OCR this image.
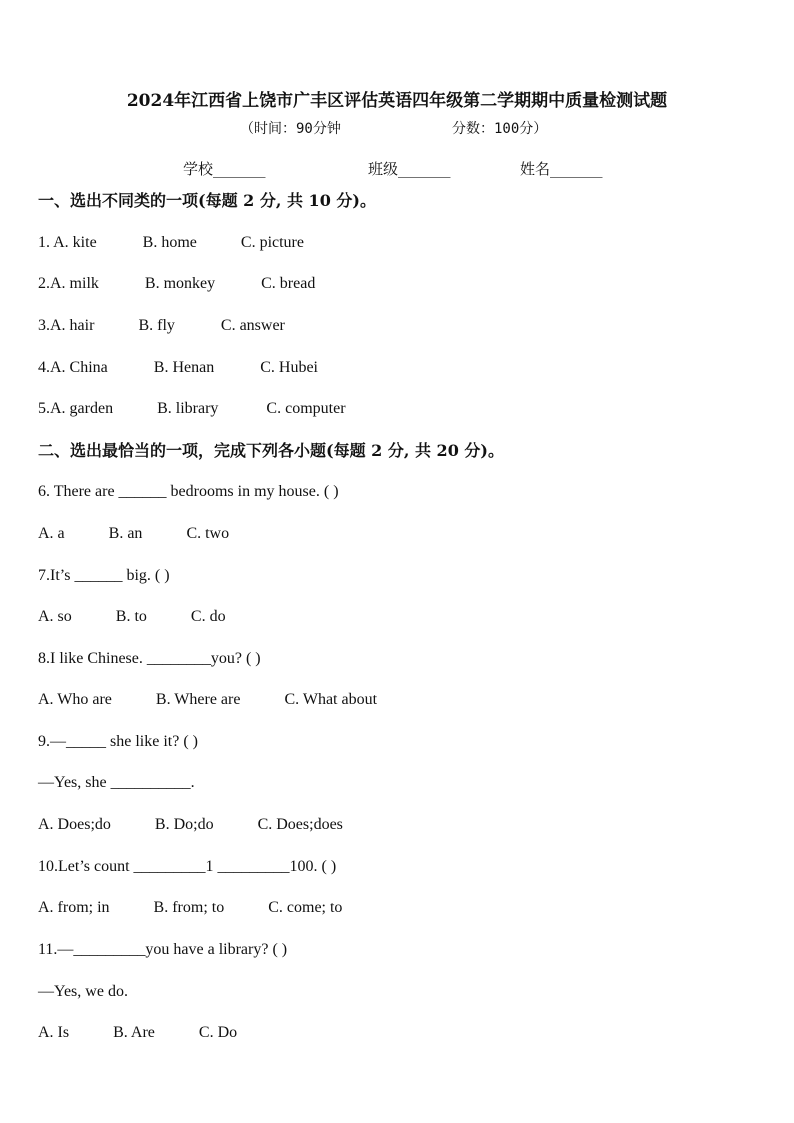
2024年江西省上饶市广丰区评估英语四年级第二学期期中质量检测试题
（时间：90分钟	分数：100分）
学校_______	班级_______	姓名_______
一、选出不同类的一项(每题 2 分, 共 10 分)。
1. A. kite	B. home	C. picture
2.A. milk	B. monkey	C. bread
3.A. hair	B. fly	C. answer
4.A. China	B. Henan	C. Hubei
5.A. garden	B. library	C. computer
二、选出最恰当的一项，完成下列各小题(每题 2 分, 共 20 分)。
6. There are ______ bedrooms in my house. ( )
A. a	B. an	C. two
7.It’s ______ big. ( )
A. so	B. to	C. do
8.I like Chinese. ________you? ( )
A. Who are	B. Where are	C. What about
9.—_____ she like it? ( )
—Yes, she __________.
A. Does;do	B. Do;do	C. Does;does
10.Let’s count _________1 _________100. ( )
A. from; in	B. from; to	C. come; to
11.—_________you have a library? ( )
—Yes, we do.
A. Is	B. Are	C. Do
